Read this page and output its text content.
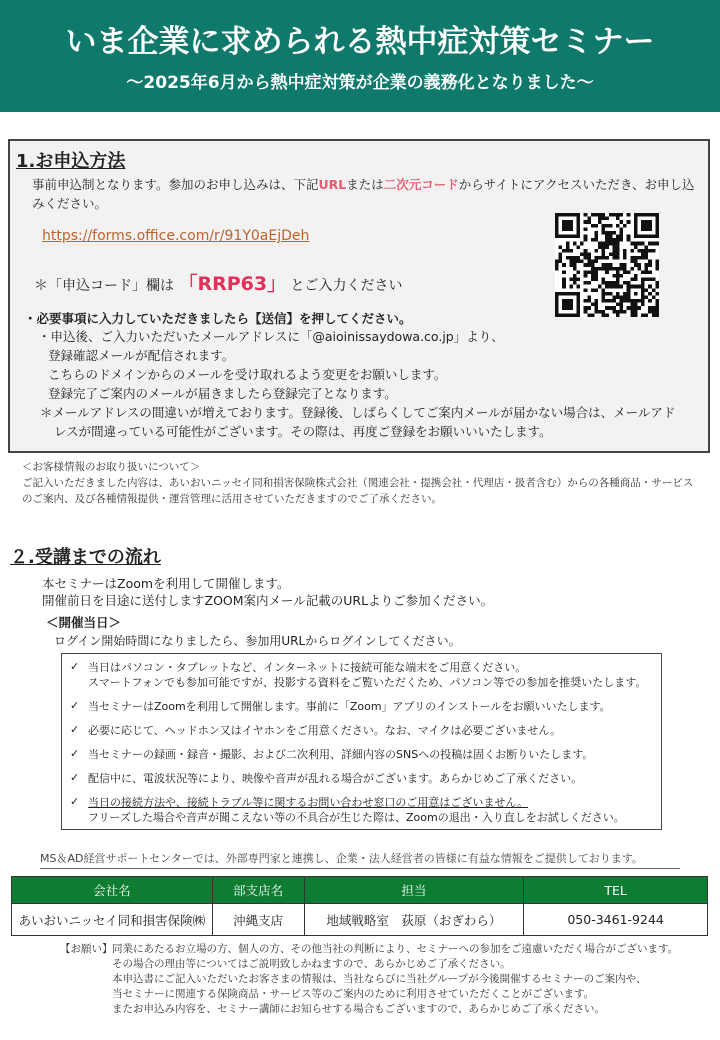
いま企業に求められる熱中症対策セミナー
～2025年6月から熱中症対策が企業の義務化となりました～
1.お申込方法
事前申込制となります。参加のお申し込みは、下記URLまたは二次元コードからサイトにアクセスいただき、お申し込みください。
https://forms.office.com/r/91Y0aEjDeh
＊「申込コード」欄は 「RRP63」 とご入力ください
・必要事項に入力していただきましたら【送信】を押してください。
・申込後、ご入力いただいたメールアドレスに「@aioinissaydowa.co.jp」より、
登録確認メールが配信されます。
こちらのドメインからのメールを受け取れるよう変更をお願いします。
登録完了ご案内のメールが届きましたら登録完了となります。
＊メールアドレスの間違いが増えております。登録後、しばらくしてご案内メールが届かない場合は、メールアド
レスが間違っている可能性がございます。その際は、再度ご登録をお願いいいたします。
＜お客様情報のお取り扱いについて＞
ご記入いただきました内容は、あいおいニッセイ同和損害保険株式会社（関連会社・提携会社・代理店・扱者含む）からの各種商品・サービスのご案内、及び各種情報提供・運営管理に活用させていただきますのでご了承ください。
２.受講までの流れ
本セミナーはZoomを利用して開催します。
開催前日を目途に送付しますZOOM案内メール記載のURLよりご参加ください。
＜開催当日＞
ログイン開始時間になりましたら、参加用URLからログインしてください。
✓ 当日はパソコン・タブレットなど、インターネットに接続可能な端末をご用意ください。
スマートフォンでも参加可能ですが、投影する資料をご覧いただくため、パソコン等での参加を推奨いたします。
✓ 当セミナーはZoomを利用して開催します。事前に「Zoom」アプリのインストールをお願いいたします。
✓ 必要に応じて、ヘッドホン又はイヤホンをご用意ください。なお、マイクは必要ございません。
✓ 当セミナーの録画・録音・撮影、および二次利用、詳細内容のSNSへの投稿は固くお断りいたします。
✓ 配信中に、電波状況等により、映像や音声が乱れる場合がございます。あらかじめご了承ください。
✓ 当日の接続方法や、接続トラブル等に関するお問い合わせ窓口のご用意はございません。
フリーズした場合や音声が聞こえない等の不具合が生じた際は、Zoomの退出・入り直しをお試しください。
MS＆AD経営サポートセンターでは、外部専門家と連携し、企業・法人経営者の皆様に有益な情報をご提供しております。
会社名	部支店名	担当	TEL
あいおいニッセイ同和損害保険㈱	沖縄支店	地域戦略室　荻原（おぎわら）	050-3461-9244
【お願い】 同業にあたるお立場の方、個人の方、その他当社の判断により、セミナーへの参加をご遠慮いただく場合がございます。
その場合の理由等についてはご説明致しかねますので、あらかじめご了承ください。
本申込書にご記入いただいたお客さまの情報は、当社ならびに当社グループが今後開催するセミナーのご案内や、
当セミナーに関連する保険商品・サービス等のご案内のために利用させていただくことがございます。
またお申込み内容を、セミナー講師にお知らせする場合もございますので、あらかじめご了承ください。
